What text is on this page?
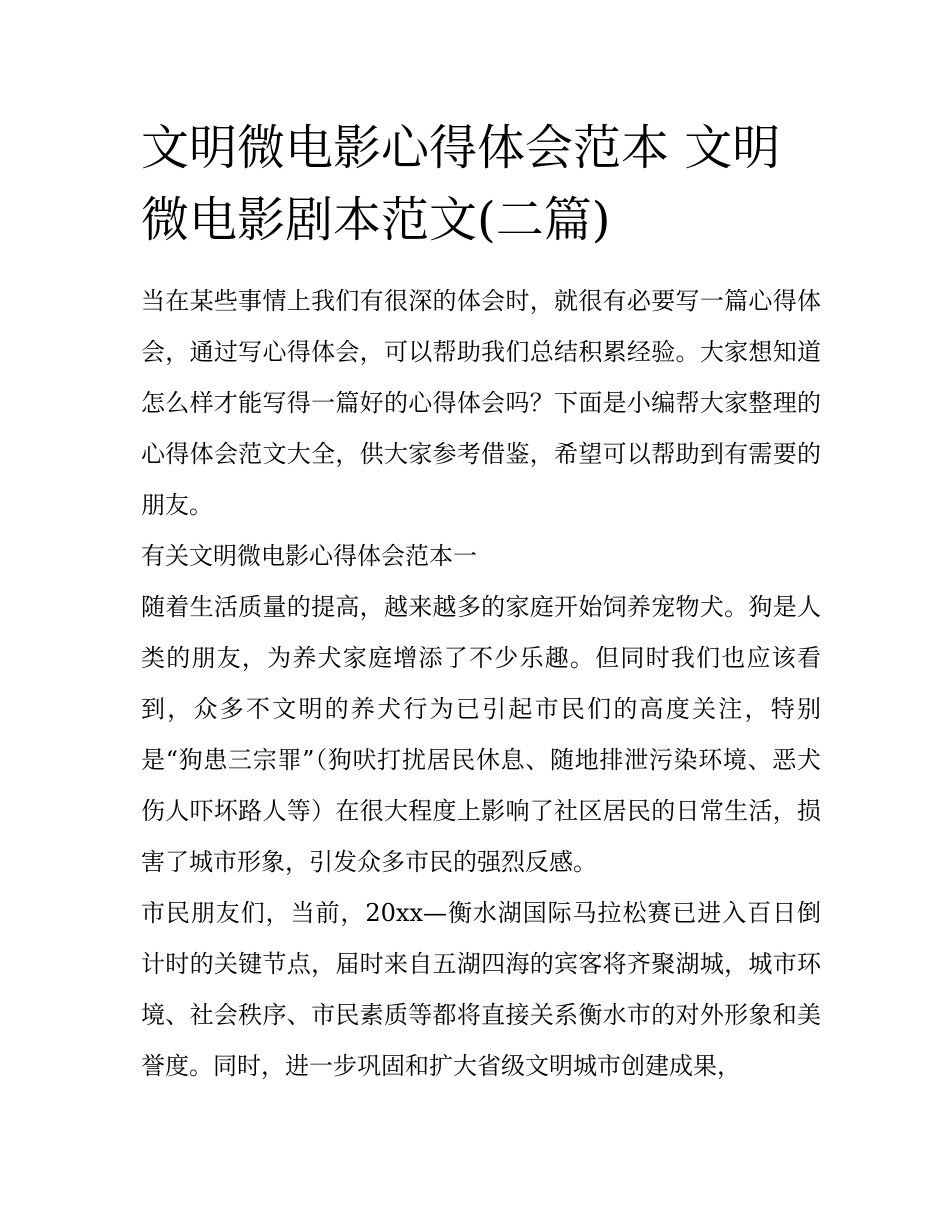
文明微电影心得体会范本 文明微电影剧本范文(二篇)

当在某些事情上我们有很深的体会时，就很有必要写一篇心得体会，通过写心得体会，可以帮助我们总结积累经验。大家想知道怎么样才能写得一篇好的心得体会吗？下面是小编帮大家整理的心得体会范文大全，供大家参考借鉴，希望可以帮助到有需要的朋友。

有关文明微电影心得体会范本一

随着生活质量的提高，越来越多的家庭开始饲养宠物犬。狗是人类的朋友，为养犬家庭增添了不少乐趣。但同时我们也应该看到，众多不文明的养犬行为已引起市民们的高度关注，特别是“狗患三宗罪”（狗吠打扰居民休息、随地排泄污染环境、恶犬伤人吓坏路人等）在很大程度上影响了社区居民的日常生活，损害了城市形象，引发众多市民的强烈反感。

市民朋友们，当前，20xx—衡水湖国际马拉松赛已进入百日倒计时的关键节点，届时来自五湖四海的宾客将齐聚湖城，城市环境、社会秩序、市民素质等都将直接关系衡水市的对外形象和美誉度。同时，进一步巩固和扩大省级文明城市创建成果，
